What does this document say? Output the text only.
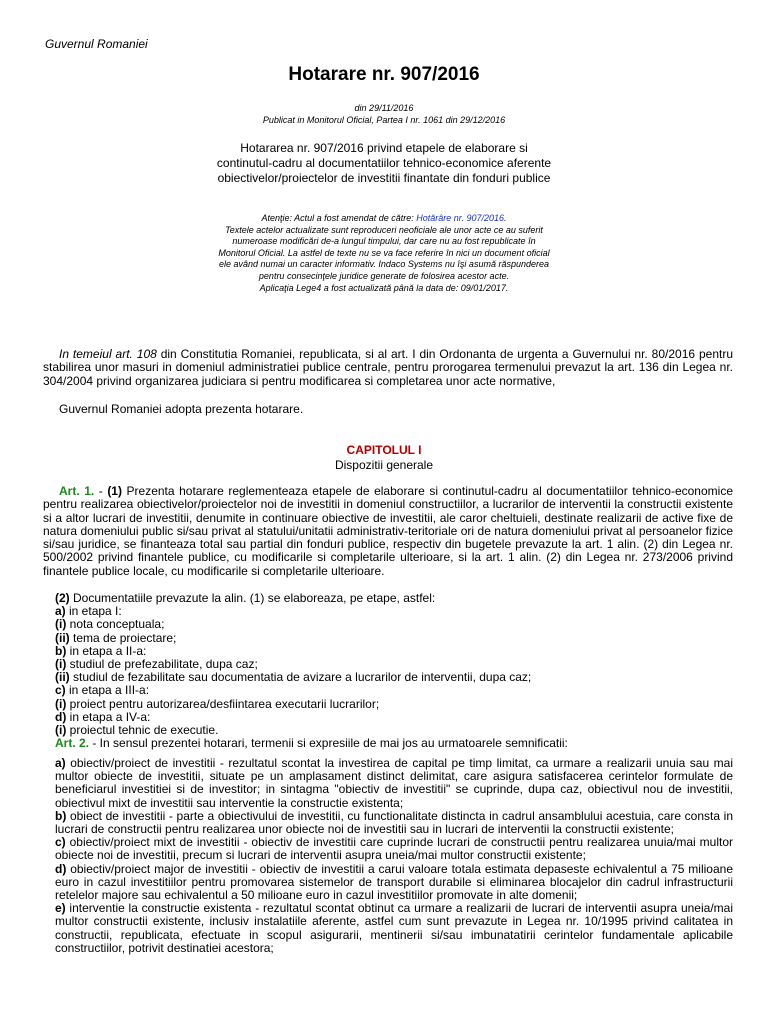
Guvernul Romaniei
Hotarare nr. 907/2016
din 29/11/2016
Publicat in Monitorul Oficial, Partea I nr. 1061 din 29/12/2016
Hotararea nr. 907/2016 privind etapele de elaborare si continutul-cadru al documentatiilor tehnico-economice aferente obiectivelor/proiectelor de investitii finantate din fonduri publice
Atenţie: Actul a fost amendat de către: Hotărâre nr. 907/2016.
Textele actelor actualizate sunt reproduceri neoficiale ale unor acte ce au suferit numeroase modificări de-a lungul timpului, dar care nu au fost republicate în Monitorul Oficial. La astfel de texte nu se va face referire în nici un document oficial ele având numai un caracter informativ. Indaco Systems nu îşi asumă răspunderea pentru consecinţele juridice generate de folosirea acestor acte.
Aplicaţia Lege4 a fost actualizată până la data de: 09/01/2017.
In temeiul art. 108 din Constitutia Romaniei, republicata, si al art. I din Ordonanta de urgenta a Guvernului nr. 80/2016 pentru stabilirea unor masuri in domeniul administratiei publice centrale, pentru prorogarea termenului prevazut la art. 136 din Legea nr. 304/2004 privind organizarea judiciara si pentru modificarea si completarea unor acte normative,
Guvernul Romaniei adopta prezenta hotarare.
CAPITOLUL I
Dispozitii generale
Art. 1. - (1) Prezenta hotarare reglementeaza etapele de elaborare si continutul-cadru al documentatiilor tehnico-economice pentru realizarea obiectivelor/proiectelor noi de investitii in domeniul constructiilor, a lucrarilor de interventii la constructii existente si a altor lucrari de investitii, denumite in continuare obiective de investitii, ale caror cheltuieli, destinate realizarii de active fixe de natura domeniului public si/sau privat al statului/unitatii administrativ-teritoriale ori de natura domeniului privat al persoanelor fizice si/sau juridice, se finanteaza total sau partial din fonduri publice, respectiv din bugetele prevazute la art. 1 alin. (2) din Legea nr. 500/2002 privind finantele publice, cu modificarile si completarile ulterioare, si la art. 1 alin. (2) din Legea nr. 273/2006 privind finantele publice locale, cu modificarile si completarile ulterioare.
(2) Documentatiile prevazute la alin. (1) se elaboreaza, pe etape, astfel:
a) in etapa I:
(i) nota conceptuala;
(ii) tema de proiectare;
b) in etapa a II-a:
(i) studiul de prefezabilitate, dupa caz;
(ii) studiul de fezabilitate sau documentatia de avizare a lucrarilor de interventii, dupa caz;
c) in etapa a III-a:
(i) proiect pentru autorizarea/desfiintarea executarii lucrarilor;
d) in etapa a IV-a:
(i) proiectul tehnic de executie.
Art. 2. - In sensul prezentei hotarari, termenii si expresiile de mai jos au urmatoarele semnificatii:

a) obiectiv/proiect de investitii - rezultatul scontat la investirea de capital pe timp limitat, ca urmare a realizarii unuia sau mai multor obiecte de investitii, situate pe un amplasament distinct delimitat, care asigura satisfacerea cerintelor formulate de beneficiarul investitiei si de investitor; in sintagma "obiectiv de investitii" se cuprinde, dupa caz, obiectivul nou de investitii, obiectivul mixt de investitii sau interventie la constructie existenta;

b) obiect de investitii - parte a obiectivului de investitii, cu functionalitate distincta in cadrul ansamblului acestuia, care consta in lucrari de constructii pentru realizarea unor obiecte noi de investitii sau in lucrari de interventii la constructii existente;

c) obiectiv/proiect mixt de investitii - obiectiv de investitii care cuprinde lucrari de constructii pentru realizarea unuia/mai multor obiecte noi de investitii, precum si lucrari de interventii asupra uneia/mai multor constructii existente;

d) obiectiv/proiect major de investitii - obiectiv de investitii a carui valoare totala estimata depaseste echivalentul a 75 milioane euro in cazul investitiilor pentru promovarea sistemelor de transport durabile si eliminarea blocajelor din cadrul infrastructurii retelelor majore sau echivalentul a 50 milioane euro in cazul investitiilor promovate in alte domenii;

e) interventie la constructie existenta - rezultatul scontat obtinut ca urmare a realizarii de lucrari de interventii asupra uneia/mai multor constructii existente, inclusiv instalatiile aferente, astfel cum sunt prevazute in Legea nr. 10/1995 privind calitatea in constructii, republicata, efectuate in scopul asigurarii, mentinerii si/sau imbunatatirii cerintelor fundamentale aplicabile constructiilor, potrivit destinatiei acestora;
